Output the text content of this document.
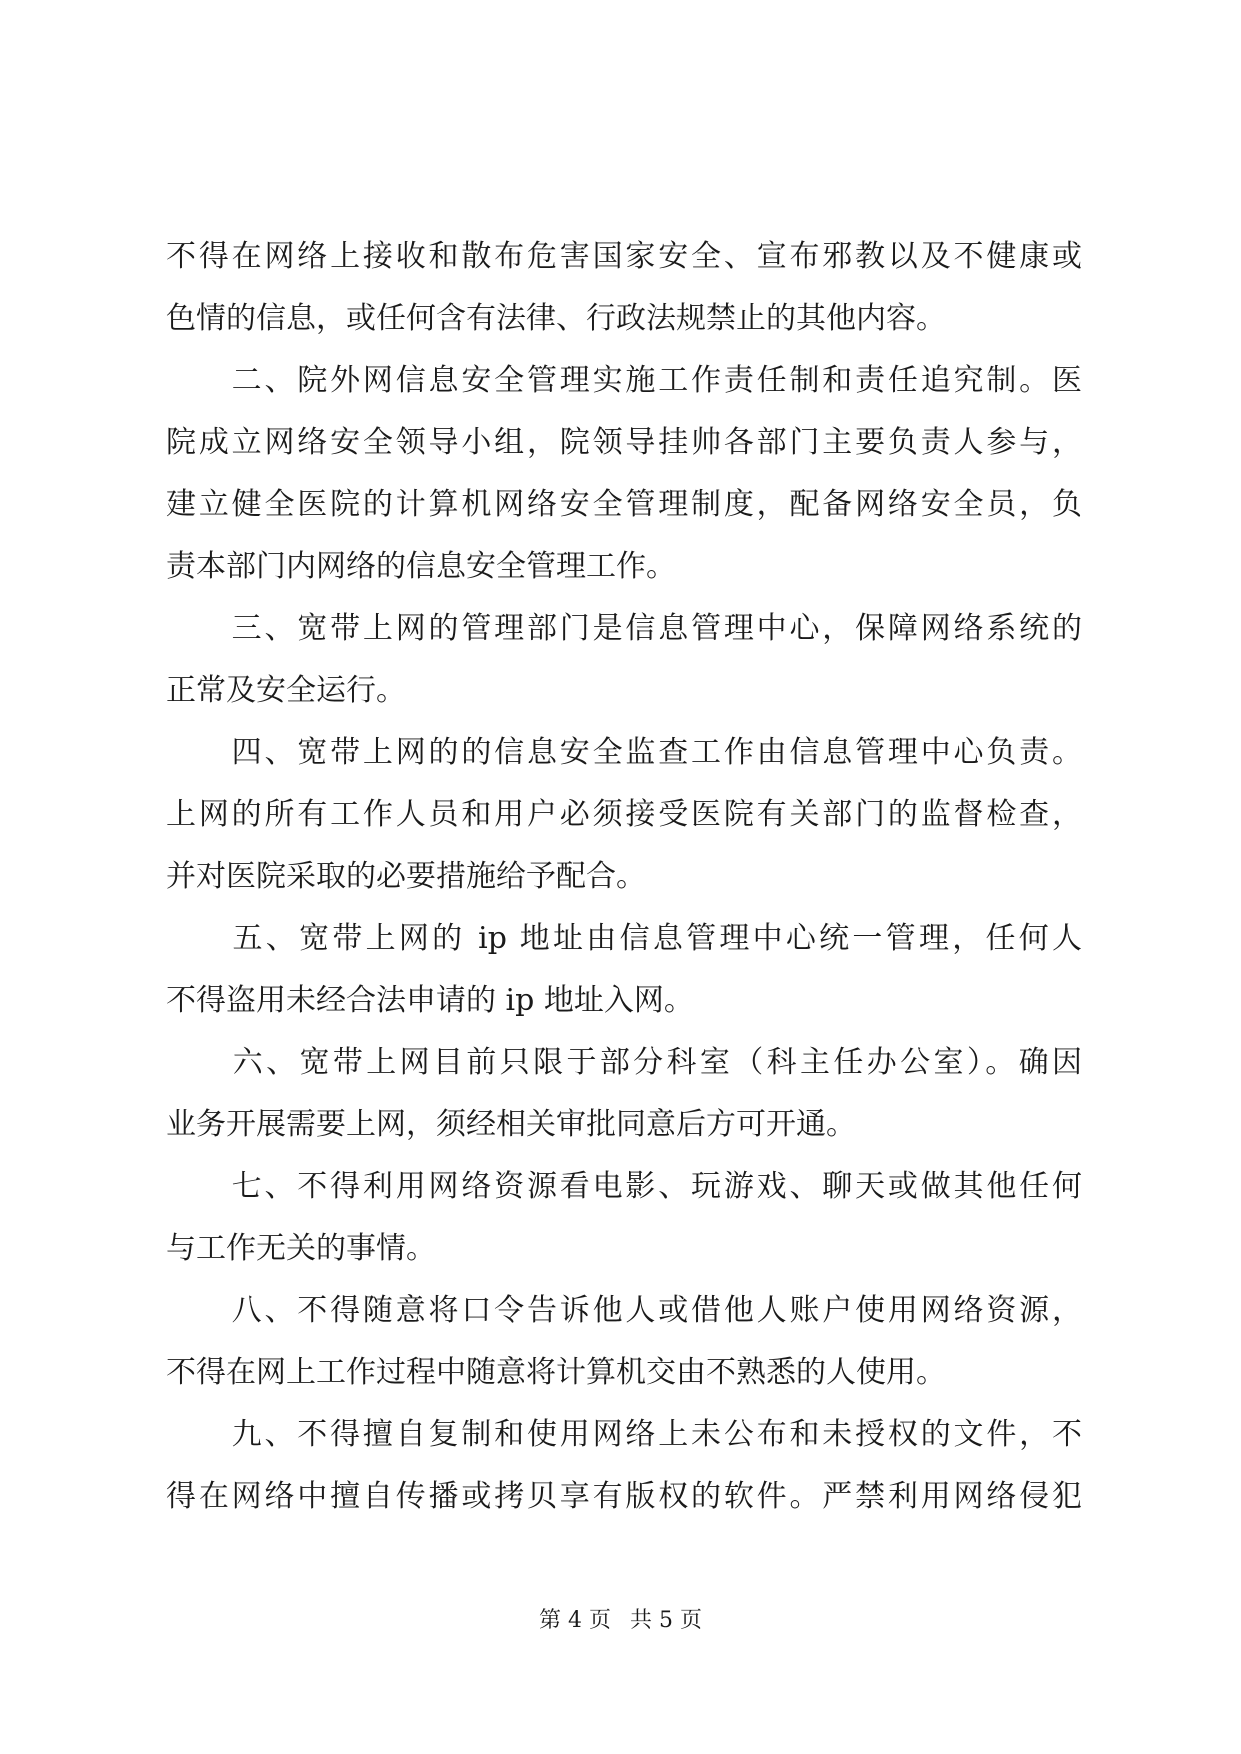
不得在网络上接收和散布危害国家安全、宣布邪教以及不健康或
色情的信息，或任何含有法律、行政法规禁止的其他内容。
　　二、院外网信息安全管理实施工作责任制和责任追究制。医
院成立网络安全领导小组，院领导挂帅各部门主要负责人参与，
建立健全医院的计算机网络安全管理制度，配备网络安全员，负
责本部门内网络的信息安全管理工作。
　　三、宽带上网的管理部门是信息管理中心，保障网络系统的
正常及安全运行。
　　四、宽带上网的的信息安全监查工作由信息管理中心负责。
上网的所有工作人员和用户必须接受医院有关部门的监督检查，
并对医院采取的必要措施给予配合。
　　五、宽带上网的 ip 地址由信息管理中心统一管理，任何人
不得盗用未经合法申请的 ip 地址入网。
　　六、宽带上网目前只限于部分科室（科主任办公室）。确因
业务开展需要上网，须经相关审批同意后方可开通。
　　七、不得利用网络资源看电影、玩游戏、聊天或做其他任何
与工作无关的事情。
　　八、不得随意将口令告诉他人或借他人账户使用网络资源，
不得在网上工作过程中随意将计算机交由不熟悉的人使用。
　　九、不得擅自复制和使用网络上未公布和未授权的文件，不
得在网络中擅自传播或拷贝享有版权的软件。严禁利用网络侵犯
第 4 页 共 5 页
